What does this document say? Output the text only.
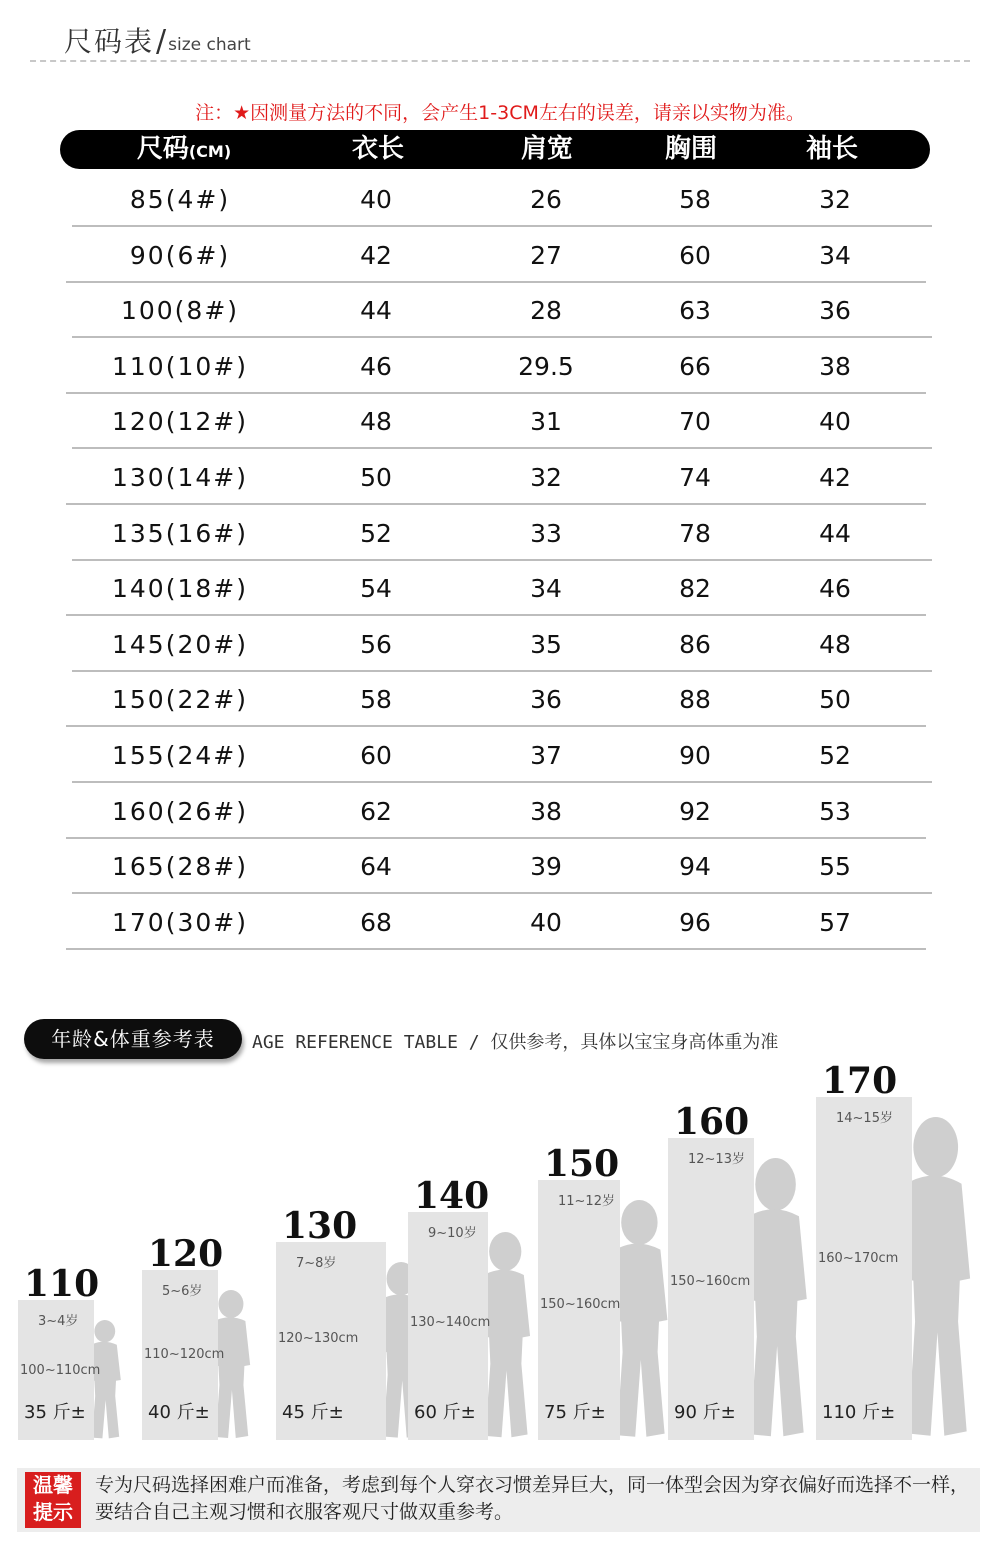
尺码表 / size chart
注：★因测量方法的不同，会产生1-3CM左右的误差，请亲以实物为准。
尺码(CM)	衣长	肩宽	胸围	袖长
85(4#)	40	26	58	32
90(6#)	42	27	60	34
100(8#)	44	28	63	36
110(10#)	46	29.5	66	38
120(12#)	48	31	70	40
130(14#)	50	32	74	42
135(16#)	52	33	78	44
140(18#)	54	34	82	46
145(20#)	56	35	86	48
150(22#)	58	36	88	50
155(24#)	60	37	90	52
160(26#)	62	38	92	53
165(28#)	64	39	94	55
170(30#)	68	40	96	57
年龄&体重参考表	AGE REFERENCE TABLE / 仅供参考，具体以宝宝身高体重为准
110
3~4岁
100~110cm
35 斤±
120
5~6岁
110~120cm
40 斤±
130
7~8岁
120~130cm
45 斤±
140
9~10岁
130~140cm
60 斤±
150
11~12岁
150~160cm
75 斤±
160
12~13岁
150~160cm
90 斤±
170
14~15岁
160~170cm
110 斤±
温馨
提示
专为尺码选择困难户而准备，考虑到每个人穿衣习惯差异巨大，同一体型会因为穿衣偏好而选择不一样，要结合自己主观习惯和衣服客观尺寸做双重参考。
